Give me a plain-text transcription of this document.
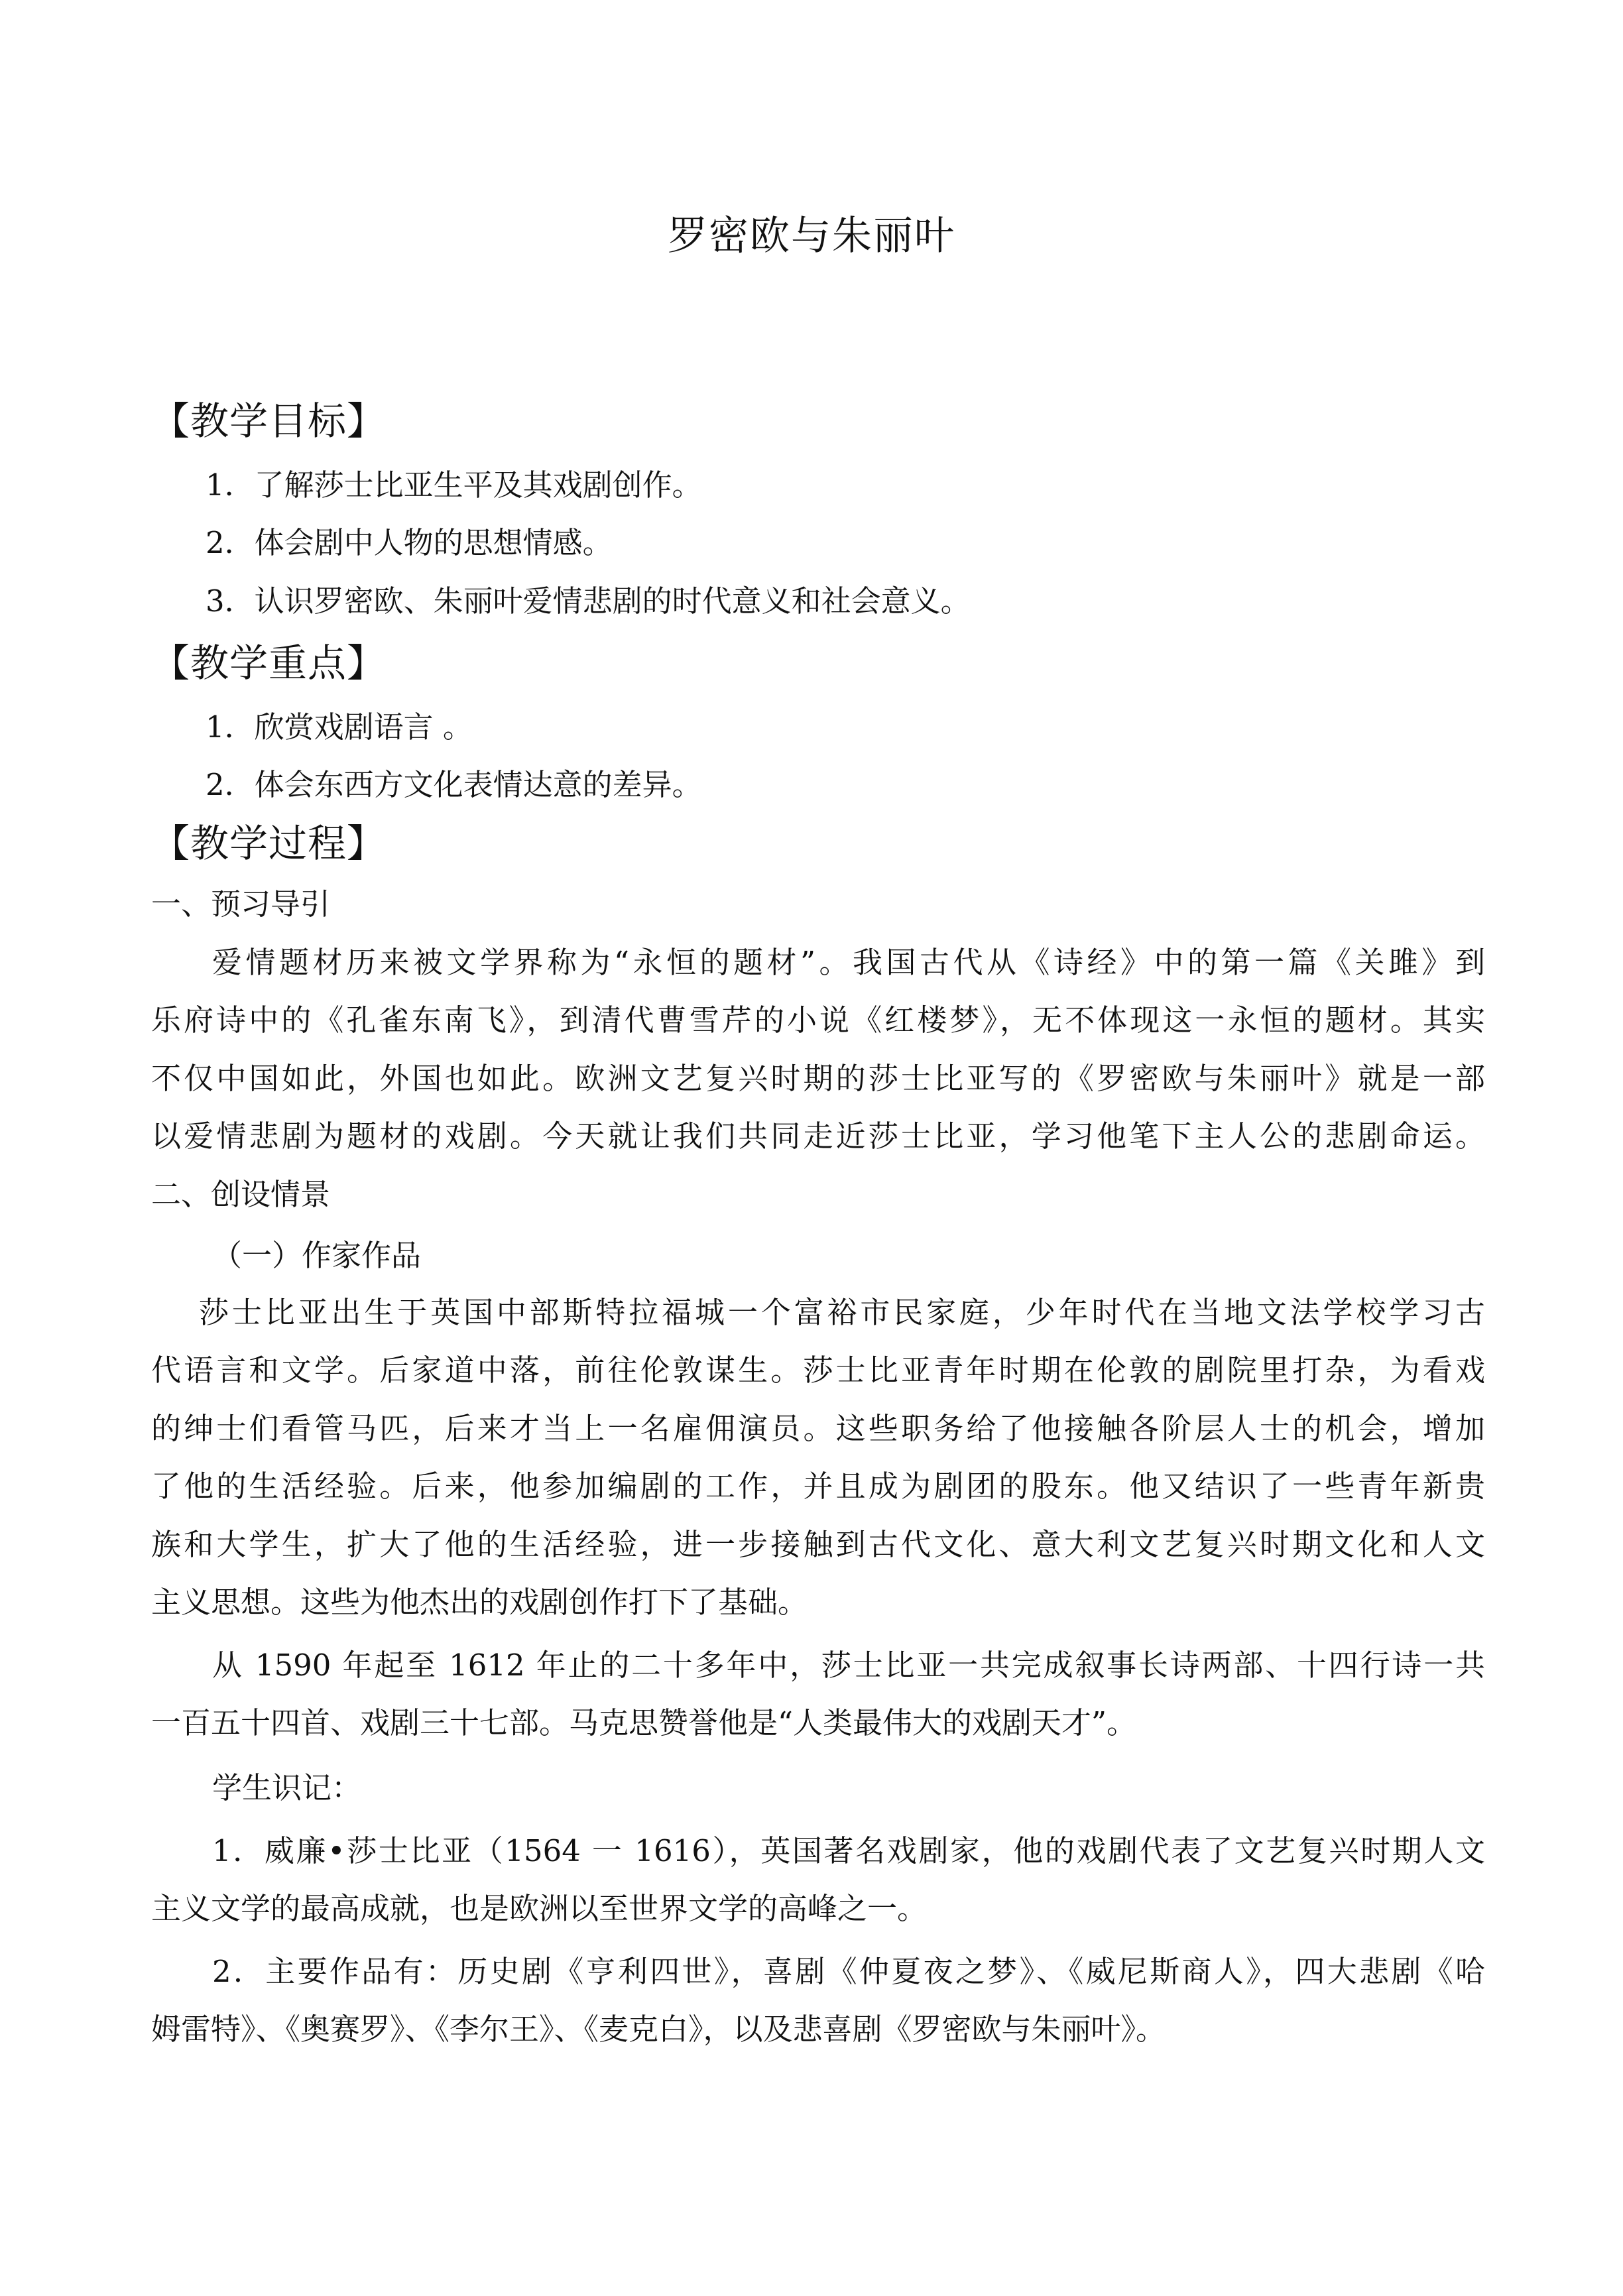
罗密欧与朱丽叶
【教学目标】
1．了解莎士比亚生平及其戏剧创作。
2．体会剧中人物的思想情感。
3．认识罗密欧、朱丽叶爱情悲剧的时代意义和社会意义。
【教学重点】
1．欣赏戏剧语言 。
2．体会东西方文化表情达意的差异。
【教学过程】
一、预习导引
爱情题材历来被文学界称为“永恒的题材”。我国古代从《诗经》中的第一篇《关雎》到
乐府诗中的《孔雀东南飞》，到清代曹雪芹的小说《红楼梦》，无不体现这一永恒的题材。其实
不仅中国如此，外国也如此。欧洲文艺复兴时期的莎士比亚写的《罗密欧与朱丽叶》就是一部
以爱情悲剧为题材的戏剧。今天就让我们共同走近莎士比亚，学习他笔下主人公的悲剧命运。
二、创设情景
（一）作家作品
莎士比亚出生于英国中部斯特拉福城一个富裕市民家庭，少年时代在当地文法学校学习古
代语言和文学。后家道中落，前往伦敦谋生。莎士比亚青年时期在伦敦的剧院里打杂，为看戏
的绅士们看管马匹，后来才当上一名雇佣演员。这些职务给了他接触各阶层人士的机会，增加
了他的生活经验。后来，他参加编剧的工作，并且成为剧团的股东。他又结识了一些青年新贵
族和大学生，扩大了他的生活经验，进一步接触到古代文化、意大利文艺复兴时期文化和人文
主义思想。这些为他杰出的戏剧创作打下了基础。
从 1590 年起至 1612 年止的二十多年中，莎士比亚一共完成叙事长诗两部、十四行诗一共
一百五十四首、戏剧三十七部。马克思赞誉他是“人类最伟大的戏剧天才”。
学生识记：
1．威廉•莎士比亚（1564 一 1616），英国著名戏剧家，他的戏剧代表了文艺复兴时期人文
主义文学的最高成就，也是欧洲以至世界文学的高峰之一。
2．主要作品有：历史剧《亨利四世》，喜剧《仲夏夜之梦》、《威尼斯商人》，四大悲剧《哈
姆雷特》、《奥赛罗》、《李尔王》、《麦克白》，以及悲喜剧《罗密欧与朱丽叶》。
